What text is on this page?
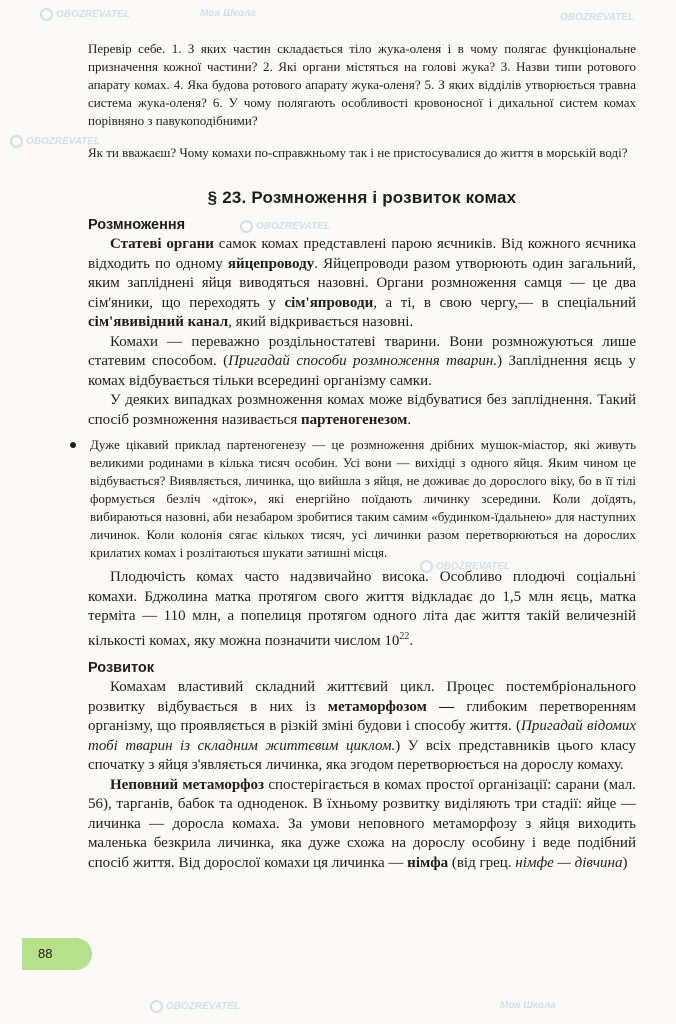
OBOZREVATEL	Моя Школа	OBOZREVATEL
OBOZREVATEL
OBOZREVATEL
OBOZREVATEL
OBOZREVATEL	Моя Школа

Перевір себе. 1. З яких частин складається тіло жука-оленя і в чому полягає функціональне призначення кожної частини? 2. Які органи містяться на голові жука? 3. Назви типи ротового апарату комах. 4. Яка будова ротового апарату жука-оленя? 5. З яких відділів утворюється травна система жука-оленя? 6. У чому полягають особливості кровоносної і дихальної систем комах порівняно з павукоподібними?

Як ти вважаєш? Чому комахи по-справжньому так і не пристосувалися до життя в морській воді?

§ 23. Розмноження і розвиток комах
Розмноження

Статеві органи самок комах представлені парою яєчників. Від кожного яєчника відходить по одному яйцепроводу. Яйцепроводи разом утворюють один загальний, яким запліднені яйця виводяться назовні. Органи розмноження самця — це два сім'яники, що переходять у сім'япроводи, а ті, в свою чергу,— в спеціальний сім'явивідний канал, який відкривається назовні.

Комахи — переважно роздільностатеві тварини. Вони розмножуються лише статевим способом. (Пригадай способи розмноження тварин.) Запліднення яєць у комах відбувається тільки всередині організму самки.

У деяких випадках розмноження комах може відбуватися без запліднення. Такий спосіб розмноження називається партеногенезом.

Дуже цікавий приклад партеногенезу — це розмноження дрібних мушок-міастор, які живуть великими родинами в кілька тисяч особин. Усі вони — вихідці з одного яйця. Яким чином це відбувається? Виявляється, личинка, що вийшла з яйця, не доживає до дорослого віку, бо в її тілі формується безліч «діток», які енергійно поїдають личинку зсередини. Коли доїдять, вибираються назовні, аби незабаром зробитися таким самим «будинком-їдальнею» для наступних личинок. Коли колонія сягає кількох тисяч, усі личинки разом перетворюються на дорослих крилатих комах і розлітаються шукати затишні місця.

Плодючість комах часто надзвичайно висока. Особливо плодючі соціальні комахи. Бджолина матка протягом свого життя відкладає до 1,5 млн яєць, матка терміта — 110 млн, а попелиця протягом одного літа дає життя такій величезній кількості комах, яку можна позначити числом $10^{22}$.

Розвиток

Комахам властивий складний життєвий цикл. Процес постембріонального розвитку відбувається в них із метаморфозом — глибоким перетворенням організму, що проявляється в різкій зміні будови і способу життя. (Пригадай відомих тобі тварин із складним життєвим циклом.) У всіх представників цього класу спочатку з яйця з'являється личинка, яка згодом перетворюється на дорослу комаху.

Неповний метаморфоз спостерігається в комах простої організації: сарани (мал. 56), тарганів, бабок та одноденок. В їхньому розвитку виділяють три стадії: яйце — личинка — доросла комаха. За умови неповного метаморфозу з яйця виходить маленька безкрила личинка, яка дуже схожа на дорослу особину і веде подібний спосіб життя. Від дорослої комахи ця личинка — німфа (від грец. німфе — дівчина)

88
